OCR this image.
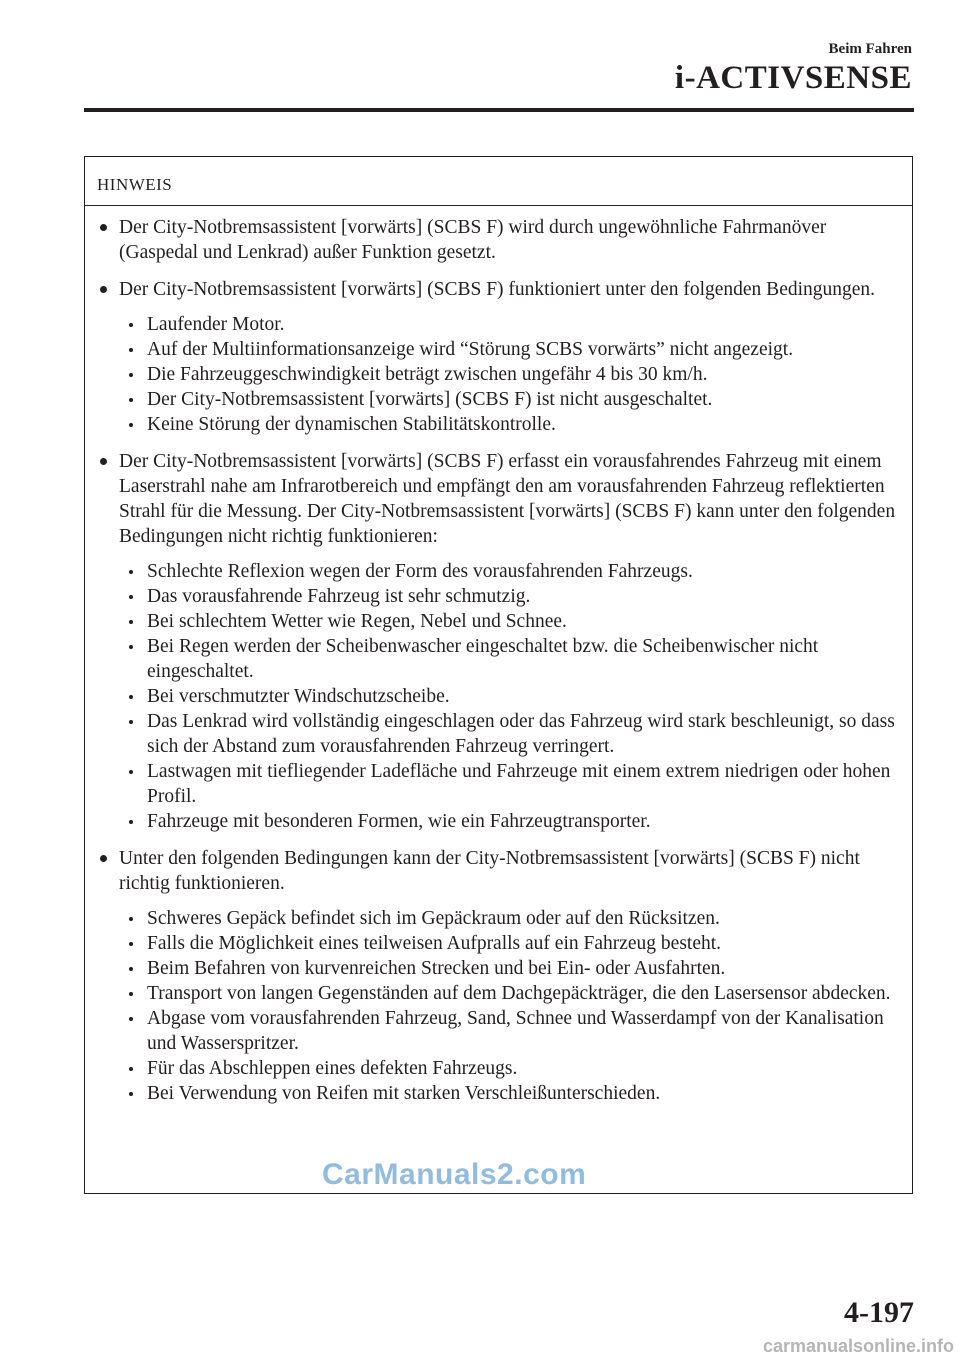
Beim Fahren
i-ACTIVSENSE
HINWEIS
Der City-Notbremsassistent [vorwärts] (SCBS F) wird durch ungewöhnliche Fahrmanöver (Gaspedal und Lenkrad) außer Funktion gesetzt.
Der City-Notbremsassistent [vorwärts] (SCBS F) funktioniert unter den folgenden Bedingungen.
Laufender Motor.
Auf der Multiinformationsanzeige wird “Störung SCBS vorwärts” nicht angezeigt.
Die Fahrzeuggeschwindigkeit beträgt zwischen ungefähr 4 bis 30 km/h.
Der City-Notbremsassistent [vorwärts] (SCBS F) ist nicht ausgeschaltet.
Keine Störung der dynamischen Stabilitätskontrolle.
Der City-Notbremsassistent [vorwärts] (SCBS F) erfasst ein vorausfahrendes Fahrzeug mit einem Laserstrahl nahe am Infrarotbereich und empfängt den am vorausfahrenden Fahrzeug reflektierten Strahl für die Messung. Der City-Notbremsassistent [vorwärts] (SCBS F) kann unter den folgenden Bedingungen nicht richtig funktionieren:
Schlechte Reflexion wegen der Form des vorausfahrenden Fahrzeugs.
Das vorausfahrende Fahrzeug ist sehr schmutzig.
Bei schlechtem Wetter wie Regen, Nebel und Schnee.
Bei Regen werden der Scheibenwascher eingeschaltet bzw. die Scheibenwischer nicht eingeschaltet.
Bei verschmutzter Windschutzscheibe.
Das Lenkrad wird vollständig eingeschlagen oder das Fahrzeug wird stark beschleunigt, so dass sich der Abstand zum vorausfahrenden Fahrzeug verringert.
Lastwagen mit tiefliegender Ladefläche und Fahrzeuge mit einem extrem niedrigen oder hohen Profil.
Fahrzeuge mit besonderen Formen, wie ein Fahrzeugtransporter.
Unter den folgenden Bedingungen kann der City-Notbremsassistent [vorwärts] (SCBS F) nicht richtig funktionieren.
Schweres Gepäck befindet sich im Gepäckraum oder auf den Rücksitzen.
Falls die Möglichkeit eines teilweisen Aufpralls auf ein Fahrzeug besteht.
Beim Befahren von kurvenreichen Strecken und bei Ein- oder Ausfahrten.
Transport von langen Gegenständen auf dem Dachgepäckträger, die den Lasersensor abdecken.
Abgase vom vorausfahrenden Fahrzeug, Sand, Schnee und Wasserdampf von der Kanalisation und Wasserspritzer.
Für das Abschleppen eines defekten Fahrzeugs.
Bei Verwendung von Reifen mit starken Verschleißunterschieden.
CarManuals2.com
4-197
carmanualsonline.info
